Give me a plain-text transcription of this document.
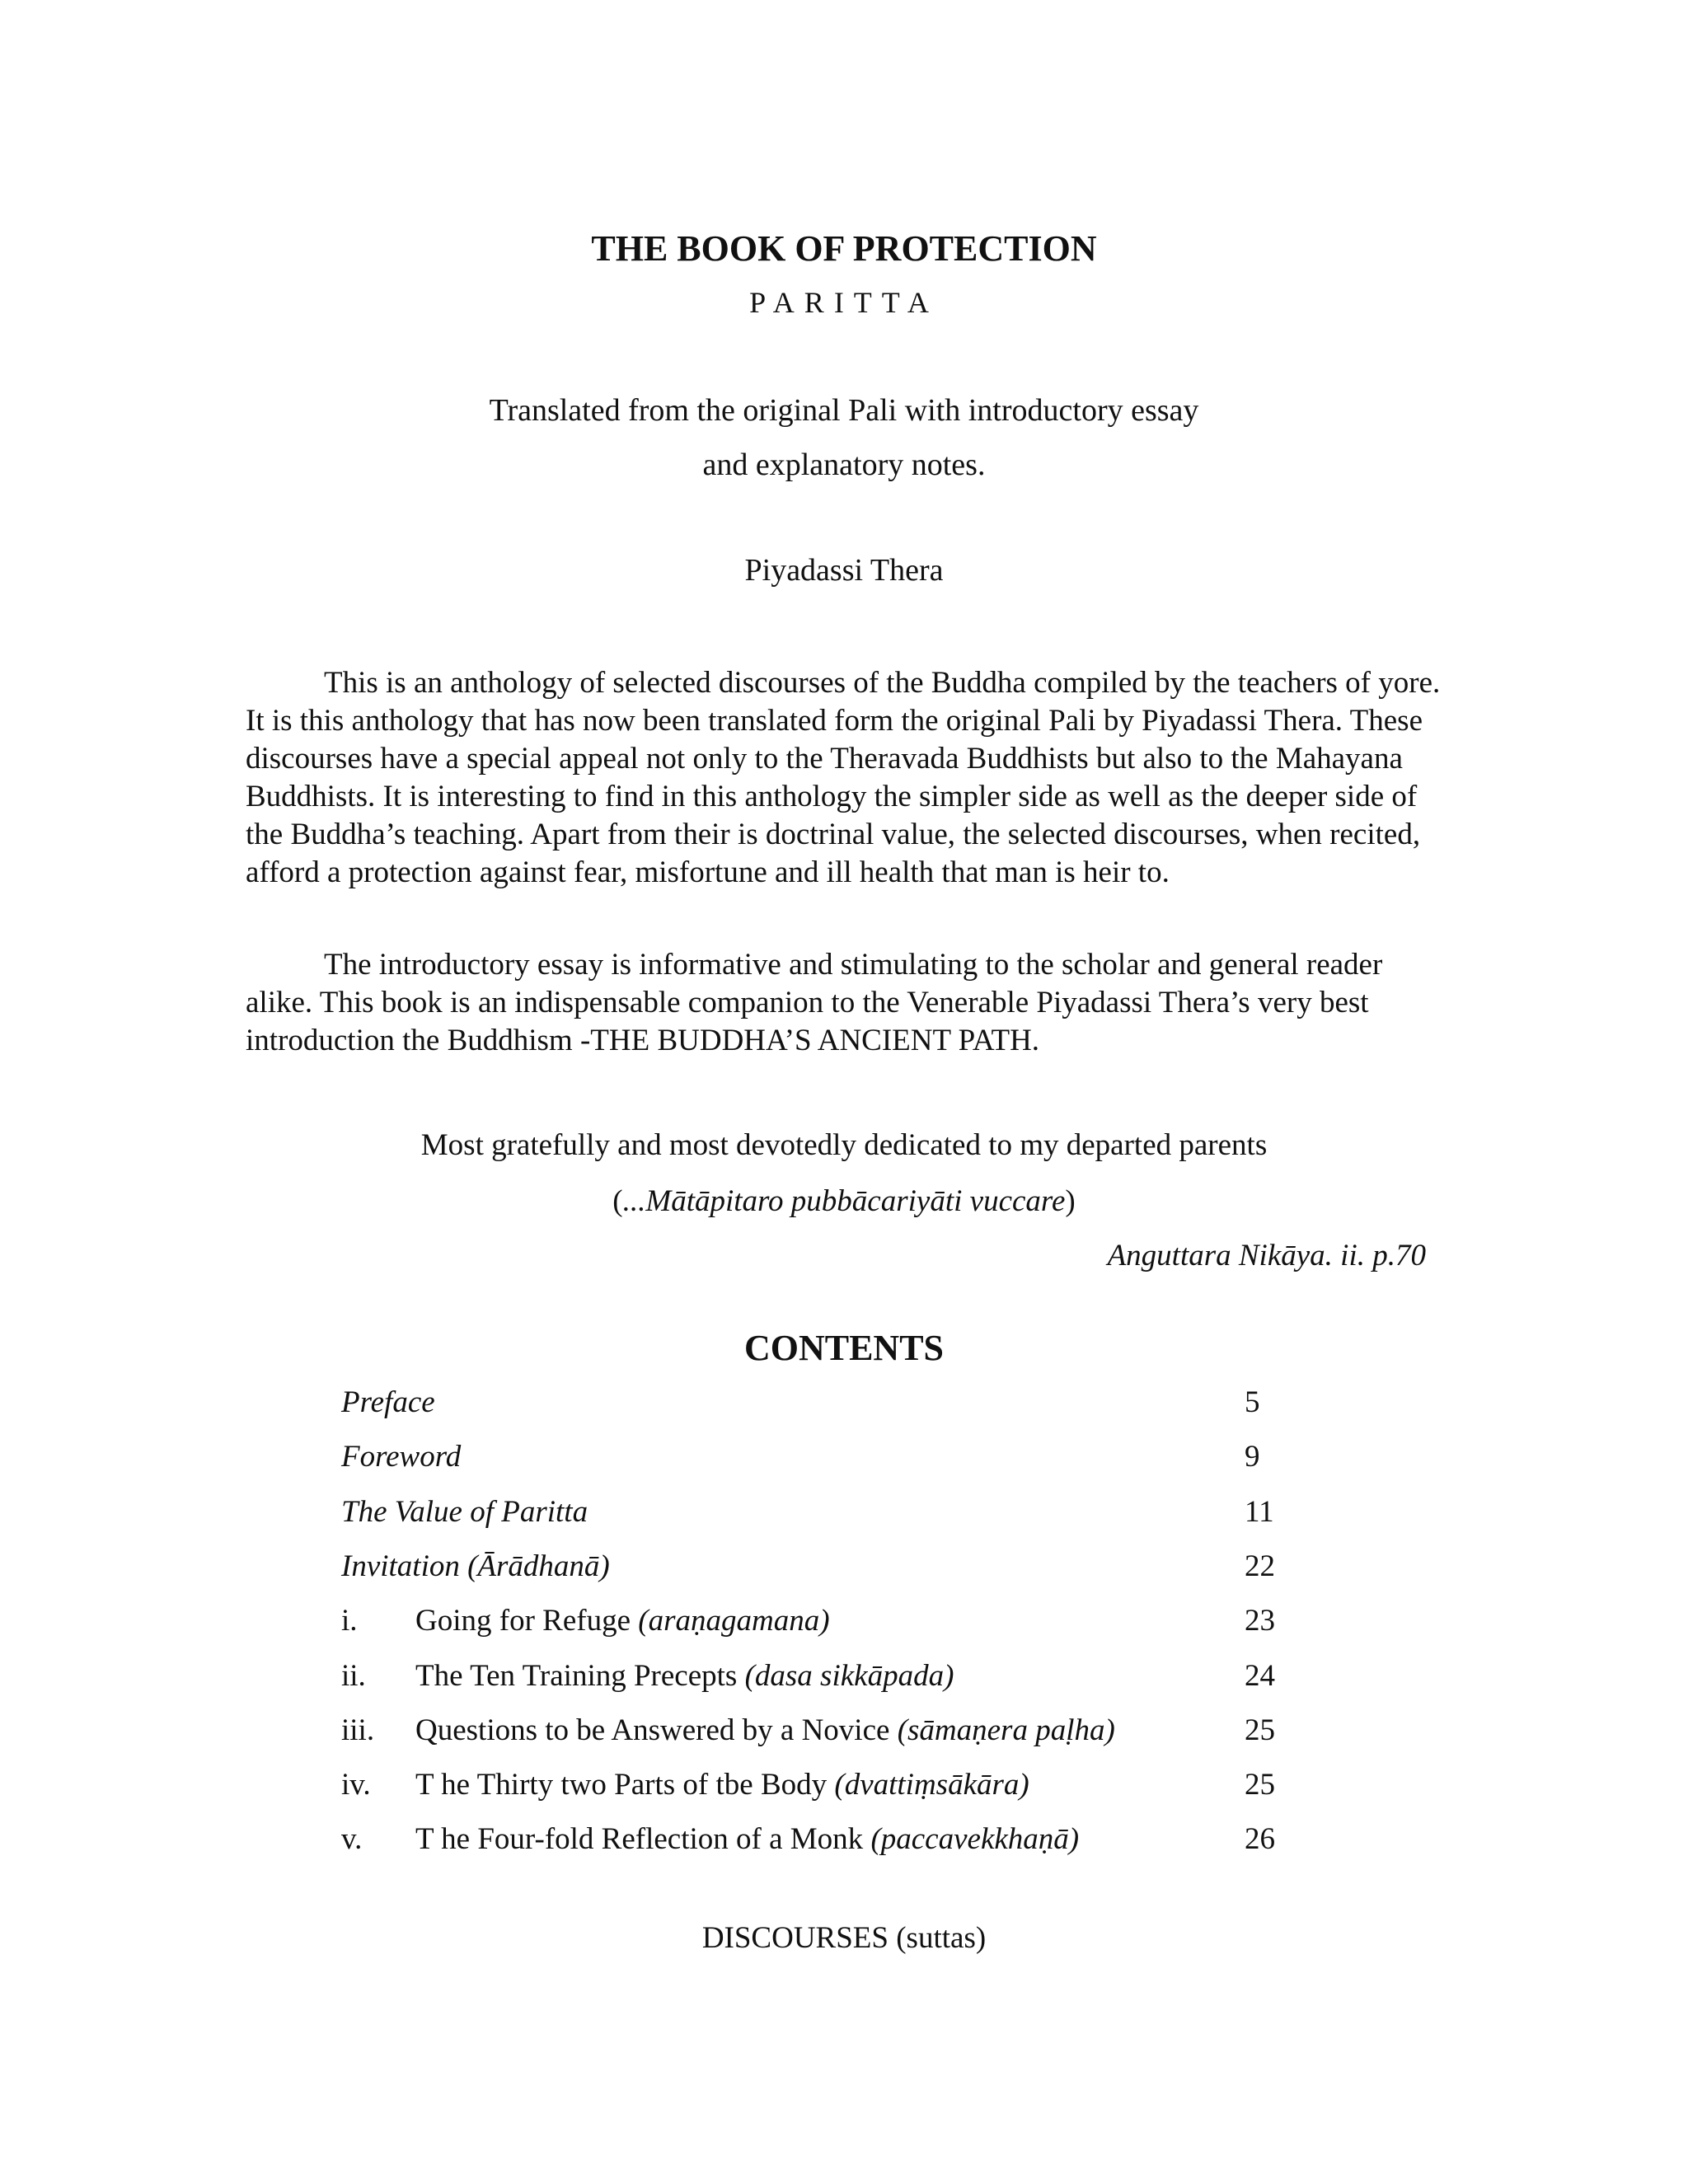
THE BOOK OF PROTECTION
PARITTA
Translated from the original Pali with introductory essay
and explanatory notes.
Piyadassi Thera

This is an anthology of selected discourses of the Buddha compiled by the teachers of yore. It is this anthology that has now been translated form the original Pali by Piyadassi Thera. These discourses have a special appeal not only to the Theravada Buddhists but also to the Mahayana Buddhists. It is interesting to find in this anthology the simpler side as well as the deeper side of the Buddha’s teaching. Apart from their is doctrinal value, the selected discourses, when recited, afford a protection against fear, misfortune and ill health that man is heir to.

The introductory essay is informative and stimulating to the scholar and general reader alike. This book is an indispensable companion to the Venerable Piyadassi Thera’s very best introduction the Buddhism -THE BUDDHA’S ANCIENT PATH.

Most gratefully and most devotedly dedicated to my departed parents
(...Mātāpitaro pubbācariyāti vuccare)
Anguttara Nikāya. ii. p.70
CONTENTS
Preface	5
Foreword	9
The Value of Paritta	11
Invitation (Ārādhanā)	22
i. Going for Refuge (araṇagamana)	23
ii. The Ten Training Precepts (dasa sikkāpada)	24
iii. Questions to be Answered by a Novice (sāmaṇera paḷha)	25
iv. T he Thirty two Parts of tbe Body (dvattiṃsākāra)	25
v. T he Four-fold Reflection of a Monk (paccavekkhaṇā)	26
DISCOURSES (suttas)
